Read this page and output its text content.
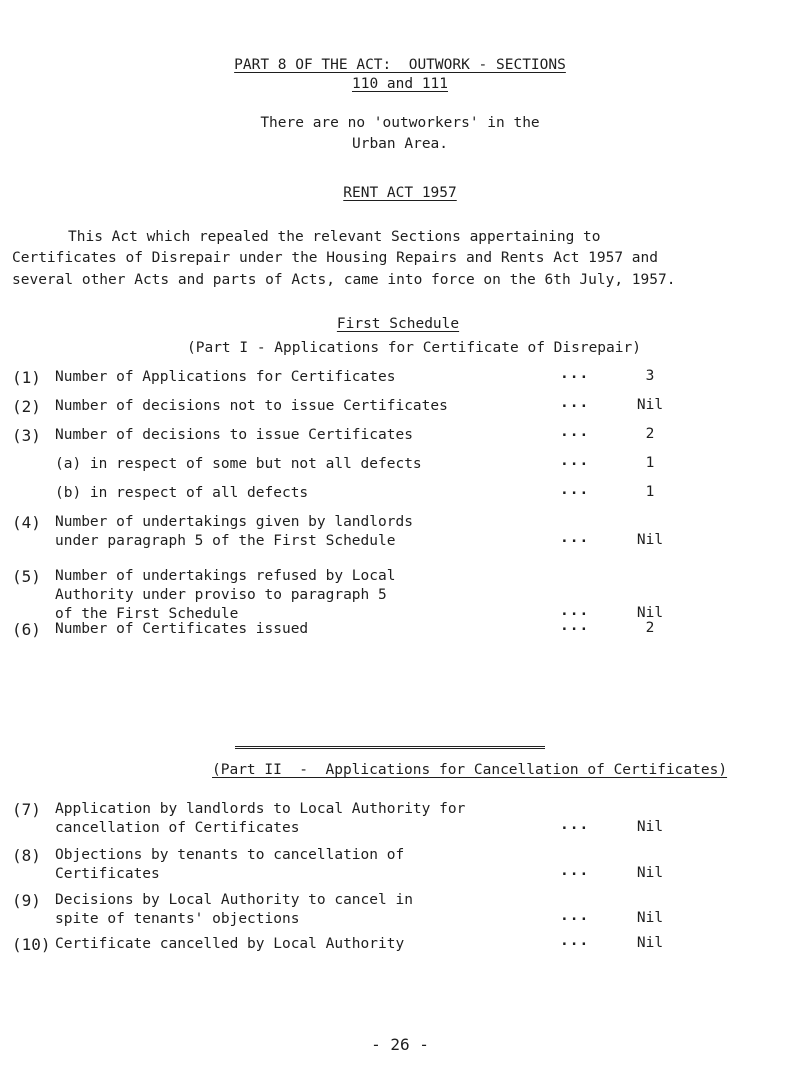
PART 8 OF THE ACT:  OUTWORK - SECTIONS
110 and 111
There are no 'outworkers' in the
Urban Area.
RENT ACT 1957
This Act which repealed the relevant Sections appertaining to
Certificates of Disrepair under the Housing Repairs and Rents Act 1957 and
several other Acts and parts of Acts, came into force on the 6th July, 1957.
First Schedule
(Part I - Applications for Certificate of Disrepair)
(1) Number of Applications for Certificates	...	3
(2) Number of decisions not to issue Certificates	...	Nil
(3) Number of decisions to issue Certificates	...	2
(a) in respect of some but not all defects	...	1
(b) in respect of all defects	...	1
(4) Number of undertakings given by landlords
under paragraph 5 of the First Schedule	...	Nil
(5) Number of undertakings refused by Local
Authority under proviso to paragraph 5
of the First Schedule	...	Nil
(6) Number of Certificates issued	...	2
(Part II  -  Applications for Cancellation of Certificates)
(7) Application by landlords to Local Authority for
cancellation of Certificates	...	Nil
(8) Objections by tenants to cancellation of
Certificates	...	Nil
(9) Decisions by Local Authority to cancel in
spite of tenants' objections	...	Nil
(10) Certificate cancelled by Local Authority	...	Nil
- 26 -
